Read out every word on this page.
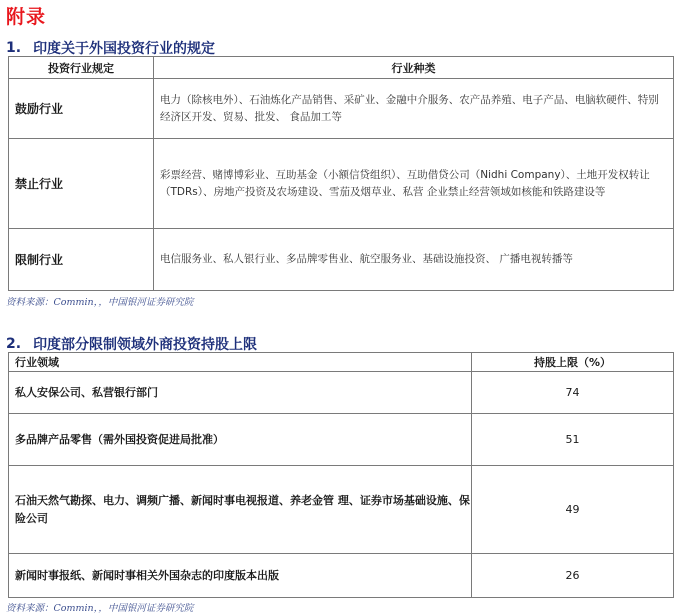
附录
1. 印度关于外国投资行业的规定
投资行业规定	行业种类
鼓励行业	电力（除核电外）、石油炼化产品销售、采矿业、金融中介服务、农产品养殖、电子产品、电脑软硬件、特别经济区开发、贸易、批发、 食品加工等
禁止行业	彩票经营、赌博博彩业、互助基金（小额信贷组织）、互助借贷公司（Nidhi Company）、土地开发权转让（TDRs）、房地产投资及农场建设、雪茄及烟草业、私营 企业禁止经营领域如核能和铁路建设等
限制行业	电信服务业、私人银行业、多品牌零售业、航空服务业、基础设施投资、 广播电视转播等
资料来源：Commin，，中国银河证券研究院
2. 印度部分限制领域外商投资持股上限
行业领域	持股上限（%）
私人安保公司、私营银行部门	74
多品牌产品零售（需外国投资促进局批准）	51
石油天然气勘探、电力、调频广播、新闻时事电视报道、养老金管 理、证券市场基础设施、保险公司	49
新闻时事报纸、新闻时事相关外国杂志的印度版本出版	26
资料来源：Commin，，中国银河证券研究院
